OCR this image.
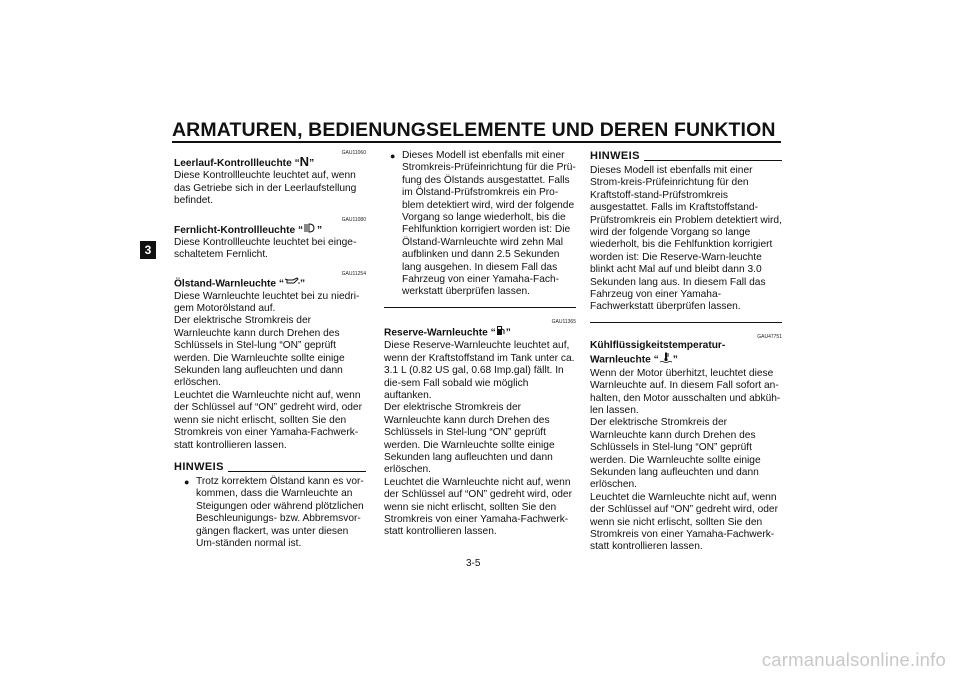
ARMATUREN, BEDIENUNGSELEMENTE UND DEREN FUNKTION
3
GAU11060
Leerlauf-Kontrollleuchte “N”
Diese Kontrollleuchte leuchtet auf, wenn das Getriebe sich in der Leerlaufstellung befindet.
GAU11080
Fernlicht-Kontrollleuchte “ ”
Diese Kontrollleuchte leuchtet bei einge-schaltetem Fernlicht.
GAU11254
Ölstand-Warnleuchte “ ”
Diese Warnleuchte leuchtet bei zu niedri-gem Motorölstand auf.
Der elektrische Stromkreis der Warnleuchte kann durch Drehen des Schlüssels in Stel-lung “ON” geprüft werden. Die Warnleuchte sollte einige Sekunden lang aufleuchten und dann erlöschen.
Leuchtet die Warnleuchte nicht auf, wenn der Schlüssel auf “ON” gedreht wird, oder wenn sie nicht erlischt, sollten Sie den Stromkreis von einer Yamaha-Fachwerk-statt kontrollieren lassen.
HINWEIS
● Trotz korrektem Ölstand kann es vor-kommen, dass die Warnleuchte an Steigungen oder während plötzlichen Beschleunigungs- bzw. Abbremsvor-gängen flackert, was unter diesen Um-ständen normal ist.
● Dieses Modell ist ebenfalls mit einer Stromkreis-Prüfeinrichtung für die Prü-fung des Ölstands ausgestattet. Falls im Ölstand-Prüfstromkreis ein Pro-blem detektiert wird, wird der folgende Vorgang so lange wiederholt, bis die Fehlfunktion korrigiert worden ist: Die Ölstand-Warnleuchte wird zehn Mal aufblinken und dann 2.5 Sekunden lang ausgehen. In diesem Fall das Fahrzeug von einer Yamaha-Fach-werkstatt überprüfen lassen.
GAU11365
Reserve-Warnleuchte “ ”
Diese Reserve-Warnleuchte leuchtet auf, wenn der Kraftstoffstand im Tank unter ca. 3.1 L (0.82 US gal, 0.68 Imp.gal) fällt. In die-sem Fall sobald wie möglich auftanken.
Der elektrische Stromkreis der Warnleuchte kann durch Drehen des Schlüssels in Stel-lung “ON” geprüft werden. Die Warnleuchte sollte einige Sekunden lang aufleuchten und dann erlöschen.
Leuchtet die Warnleuchte nicht auf, wenn der Schlüssel auf “ON” gedreht wird, oder wenn sie nicht erlischt, sollten Sie den Stromkreis von einer Yamaha-Fachwerk-statt kontrollieren lassen.
HINWEIS
Dieses Modell ist ebenfalls mit einer Strom-kreis-Prüfeinrichtung für den Kraftstoff-stand-Prüfstromkreis ausgestattet. Falls im Kraftstoffstand-Prüfstromkreis ein Problem detektiert wird, wird der folgende Vorgang so lange wiederholt, bis die Fehlfunktion korrigiert worden ist: Die Reserve-Warn-leuchte blinkt acht Mal auf und bleibt dann 3.0 Sekunden lang aus. In diesem Fall das Fahrzeug von einer Yamaha-Fachwerkstatt überprüfen lassen.
GAU47751
Kühlflüssigkeitstemperatur-
Warnleuchte “ ”
Wenn der Motor überhitzt, leuchtet diese Warnleuchte auf. In diesem Fall sofort an-halten, den Motor ausschalten und abküh-len lassen.
Der elektrische Stromkreis der Warnleuchte kann durch Drehen des Schlüssels in Stel-lung “ON” geprüft werden. Die Warnleuchte sollte einige Sekunden lang aufleuchten und dann erlöschen.
Leuchtet die Warnleuchte nicht auf, wenn der Schlüssel auf “ON” gedreht wird, oder wenn sie nicht erlischt, sollten Sie den Stromkreis von einer Yamaha-Fachwerk-statt kontrollieren lassen.
3-5
carmanualsonline.info
